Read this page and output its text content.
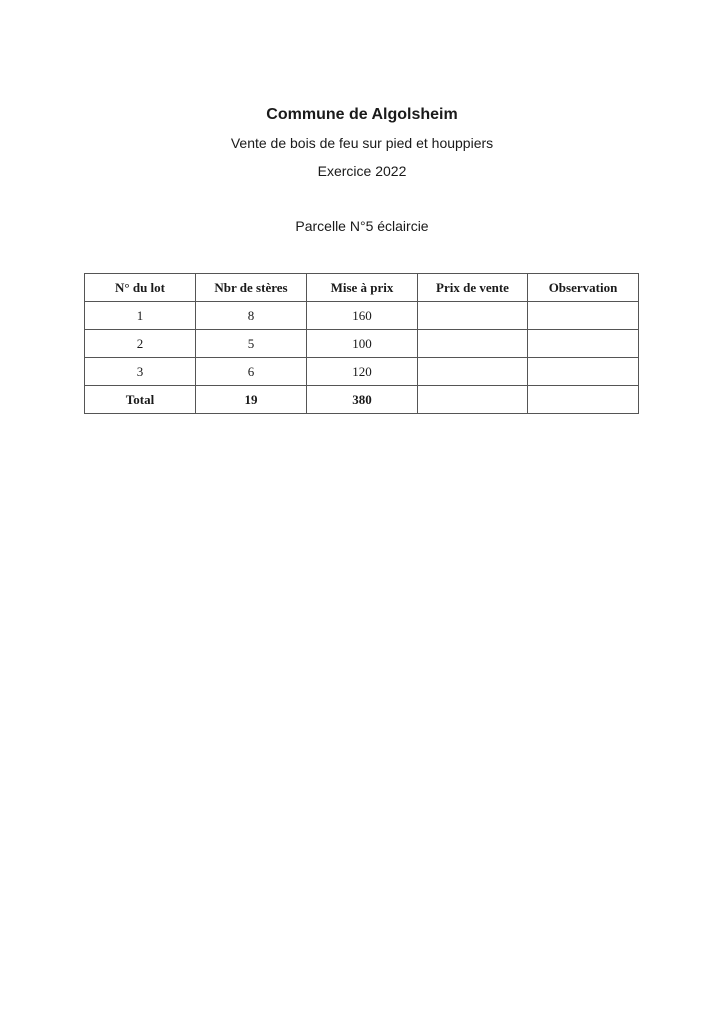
Commune de Algolsheim
Vente de bois de feu sur pied et houppiers
Exercice 2022
Parcelle N°5 éclaircie
N° du lot	Nbr de stères	Mise à prix	Prix de vente	Observation
1	8	160		
2	5	100		
3	6	120		
Total	19	380		
